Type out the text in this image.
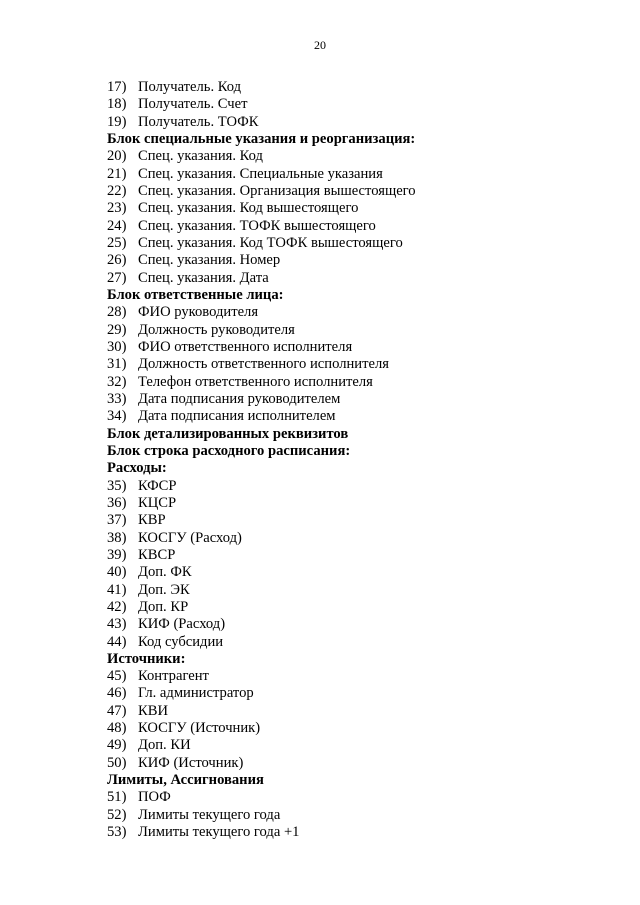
20
17) Получатель. Код
18) Получатель. Счет
19) Получатель. ТОФК
Блок специальные указания и реорганизация:
20) Спец. указания. Код
21) Спец. указания. Специальные указания
22) Спец. указания. Организация вышестоящего
23) Спец. указания. Код вышестоящего
24) Спец. указания. ТОФК вышестоящего
25) Спец. указания. Код ТОФК вышестоящего
26) Спец. указания. Номер
27) Спец. указания. Дата
Блок ответственные лица:
28) ФИО руководителя
29) Должность руководителя
30) ФИО ответственного исполнителя
31) Должность ответственного исполнителя
32) Телефон ответственного исполнителя
33) Дата подписания руководителем
34) Дата подписания исполнителем
Блок детализированных реквизитов
Блок строка расходного расписания:
Расходы:
35) КФСР
36) КЦСР
37) КВР
38) КОСГУ (Расход)
39) КВСР
40) Доп. ФК
41) Доп. ЭК
42) Доп. КР
43) КИФ (Расход)
44) Код субсидии
Источники:
45) Контрагент
46) Гл. администратор
47) КВИ
48) КОСГУ (Источник)
49) Доп. КИ
50) КИФ (Источник)
Лимиты, Ассигнования
51) ПОФ
52) Лимиты текущего года
53) Лимиты текущего года +1
